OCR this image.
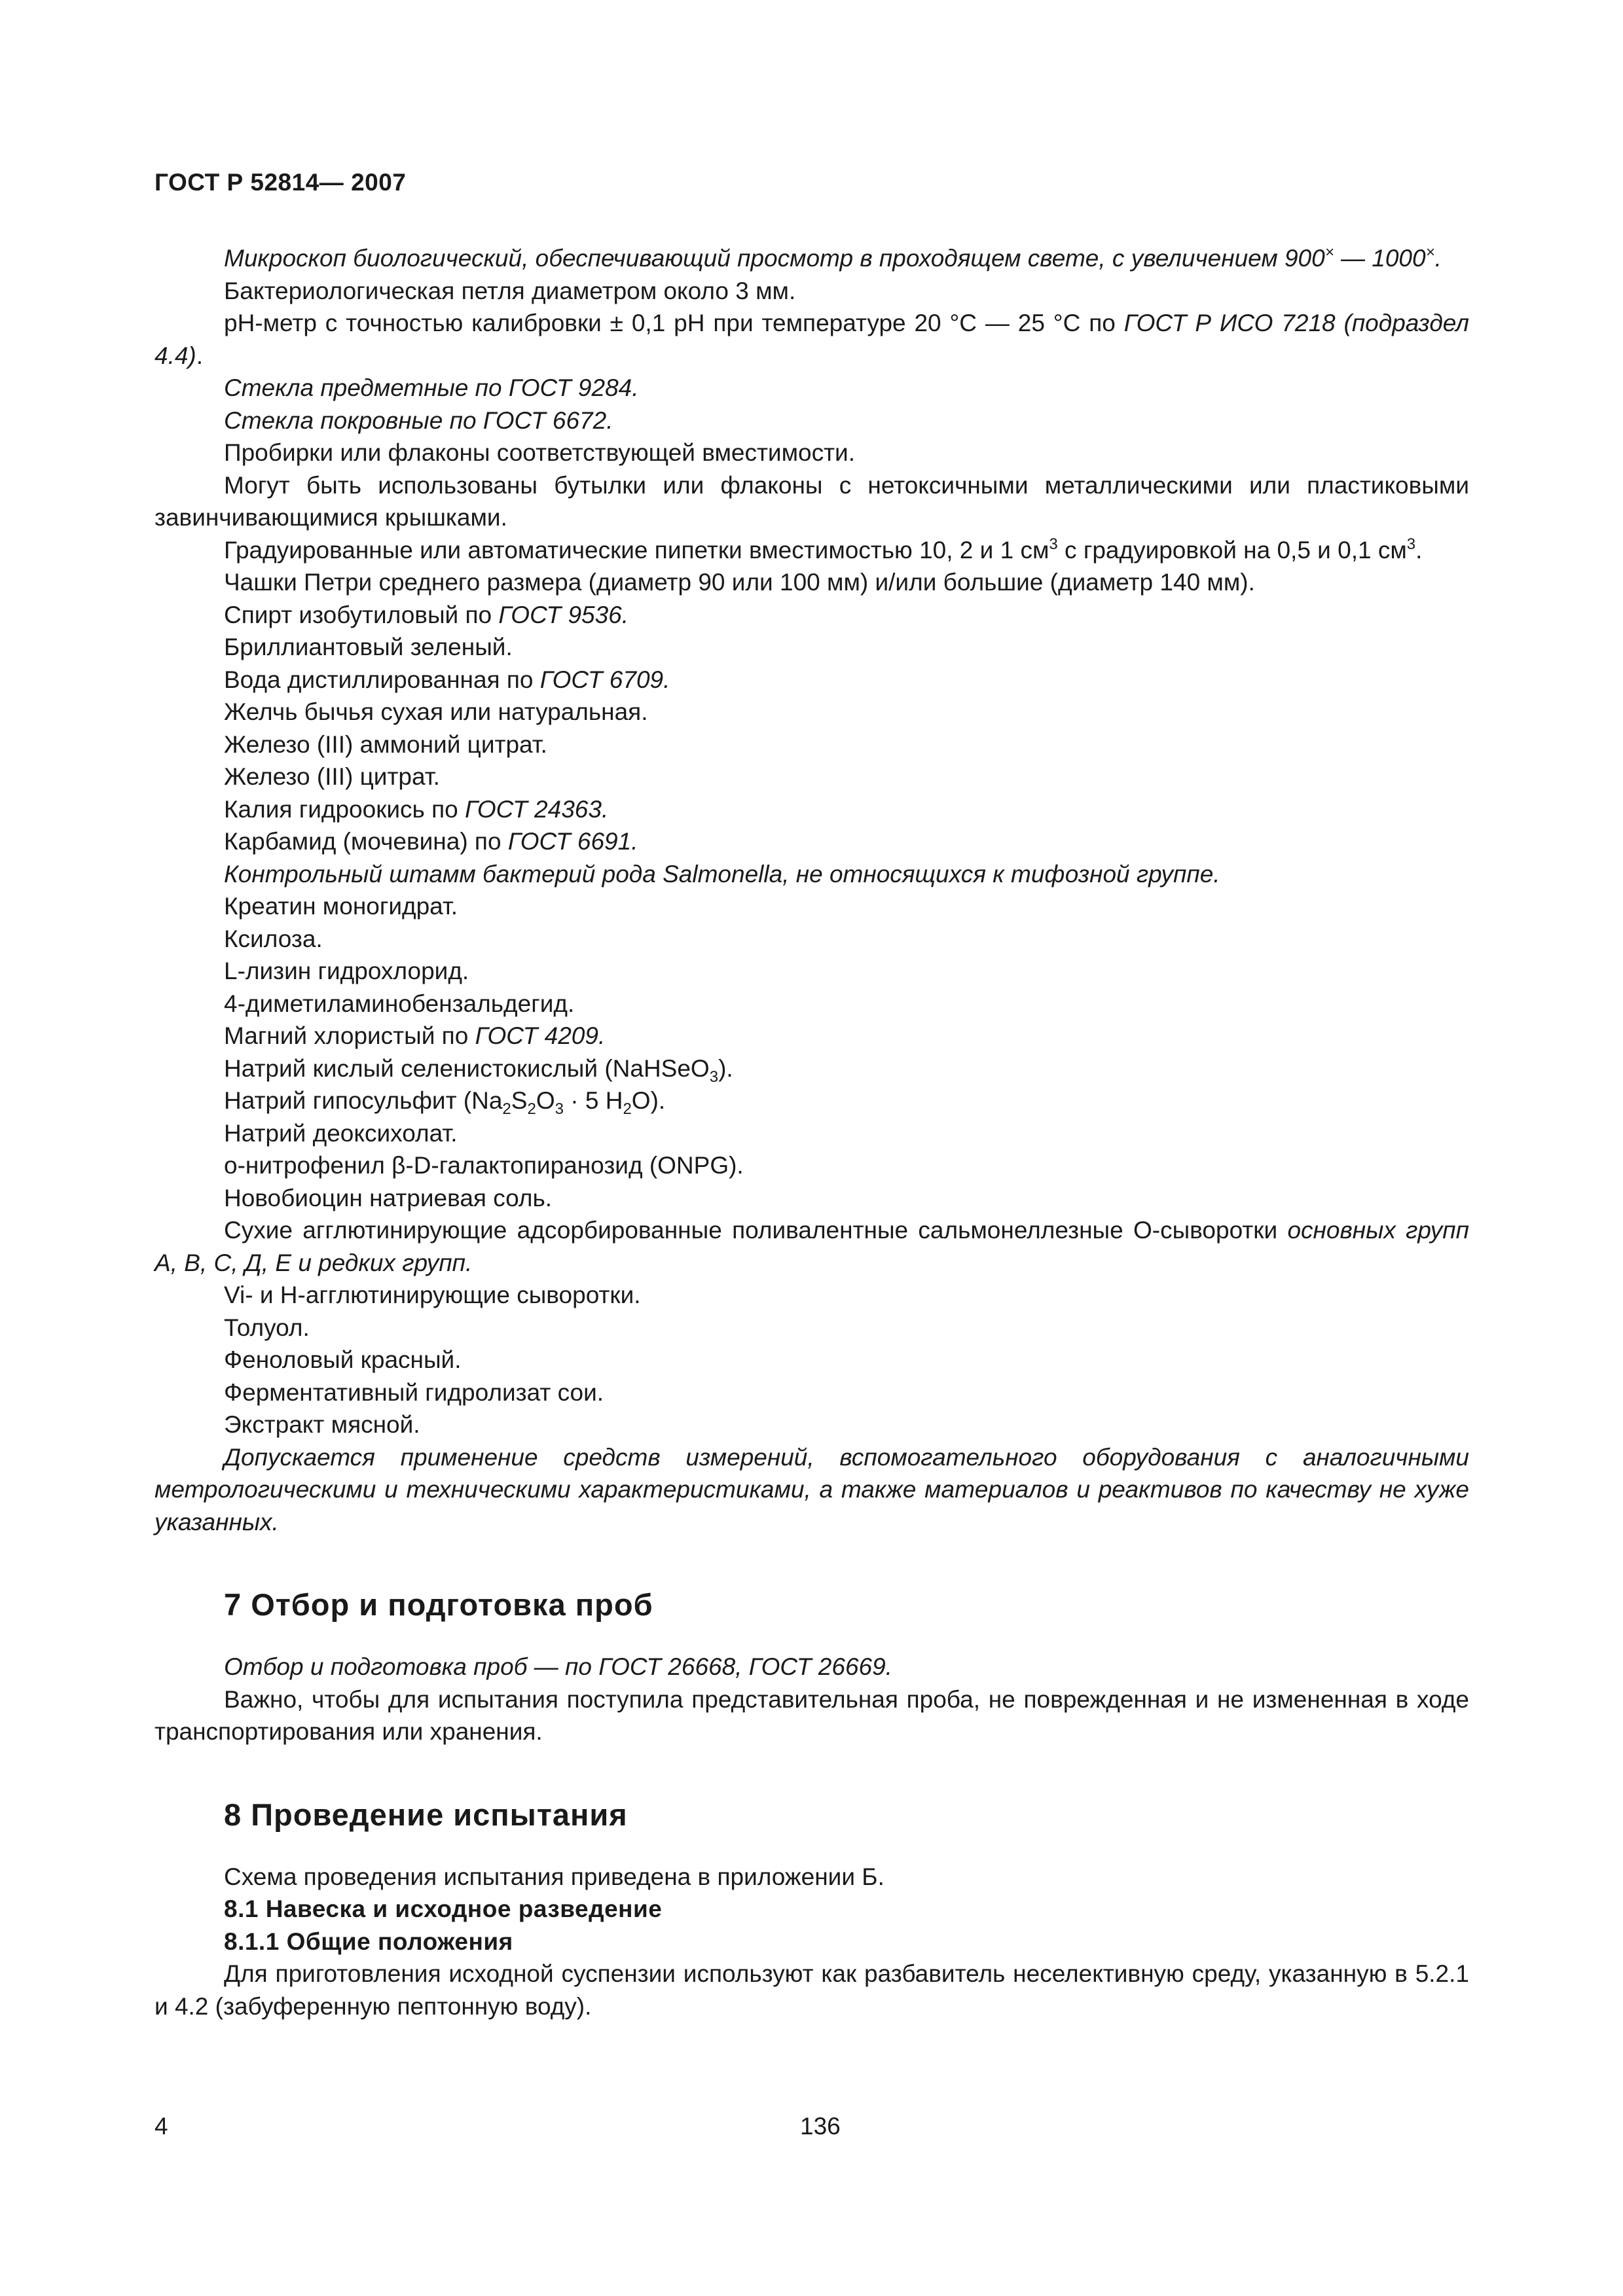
ГОСТ Р 52814— 2007

Микроскоп биологический, обеспечивающий просмотр в проходящем свете, с увеличением 900× — 1000×.

Бактериологическая петля диаметром около 3 мм.

рН-метр с точностью калибровки ± 0,1 рН при температуре 20 °С — 25 °С по ГОСТ Р ИСО 7218 (подраздел 4.4).

Стекла предметные по ГОСТ 9284.

Стекла покровные по ГОСТ 6672.

Пробирки или флаконы соответствующей вместимости.

Могут быть использованы бутылки или флаконы с нетоксичными металлическими или пластиковыми завинчивающимися крышками.

Градуированные или автоматические пипетки вместимостью 10, 2 и 1 $см^3$ с градуировкой на 0,5 и 0,1 $см^3$.

Чашки Петри среднего размера (диаметр 90 или 100 мм) и/или большие (диаметр 140 мм).

Спирт изобутиловый по ГОСТ 9536.

Бриллиантовый зеленый.

Вода дистиллированная по ГОСТ 6709.

Желчь бычья сухая или натуральная.

Железо (III) аммоний цитрат.

Железо (III) цитрат.

Калия гидроокись по ГОСТ 24363.

Карбамид (мочевина) по ГОСТ 6691.

Контрольный штамм бактерий рода Salmonella, не относящихся к тифозной группе.

Креатин моногидрат.

Ксилоза.

L-лизин гидрохлорид.

4-диметиламинобензальдегид.

Магний хлористый по ГОСТ 4209.

Натрий кислый селенистокислый (NaHSeO$_3$).

Натрий гипосульфит ($Na_2S_2O_3 \cdot 5$ $H_2O$).

Натрий деоксихолат.

о-нитрофенил β-D-галактопиранозид (ONPG).

Новобиоцин натриевая соль.

Сухие агглютинирующие адсорбированные поливалентные сальмонеллезные О-сыворотки основных групп А, В, С, Д, Е и редких групп.

Vi- и Н-агглютинирующие сыворотки.

Толуол.

Феноловый красный.

Ферментативный гидролизат сои.

Экстракт мясной.

Допускается применение средств измерений, вспомогательного оборудования с аналогичными метрологическими и техническими характеристиками, а также материалов и реактивов по качеству не хуже указанных.

7 Отбор и подготовка проб

Отбор и подготовка проб — по ГОСТ 26668, ГОСТ 26669.

Важно, чтобы для испытания поступила представительная проба, не поврежденная и не измененная в ходе транспортирования или хранения.

8 Проведение испытания

Схема проведения испытания приведена в приложении Б.

8.1 Навеска и исходное разведение

8.1.1 Общие положения

Для приготовления исходной суспензии используют как разбавитель неселективную среду, указанную в 5.2.1 и 4.2 (забуференную пептонную воду).

4	136
